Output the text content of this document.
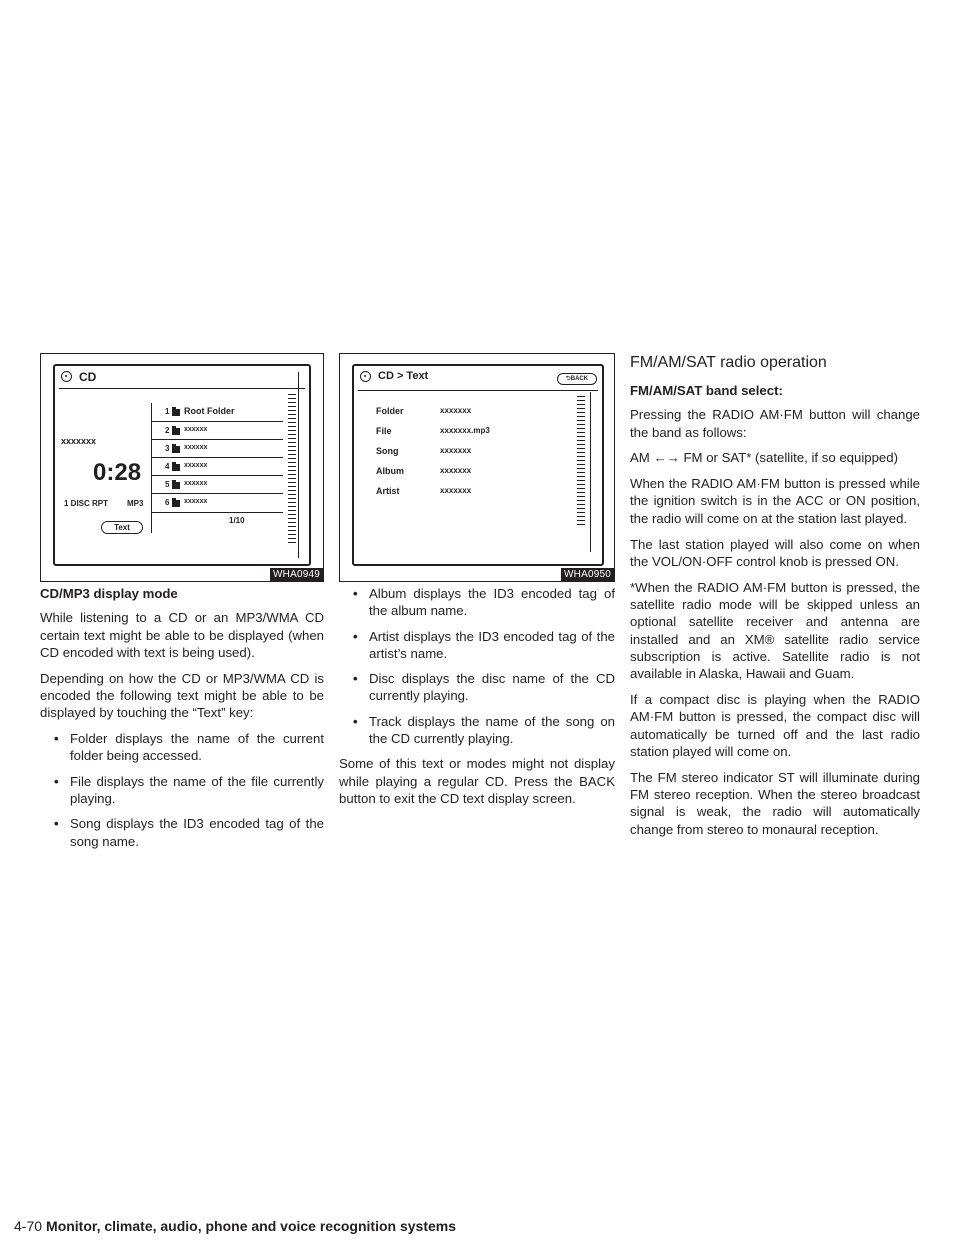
CD
xxxxxxx
0:28
1 DISC RPT MP3
Text
1 Root Folder
2 xxxxxx
3 xxxxxx
4 xxxxxx
5 xxxxxx
6 xxxxxx
1/10
WHA0949
CD > Text	⮌BACK
Folder	xxxxxxx
File	xxxxxxx.mp3
Song	xxxxxxx
Album	xxxxxxx
Artist	xxxxxxx
WHA0950

CD/MP3 display mode

While listening to a CD or an MP3/WMA CD certain text might be able to be displayed (when CD encoded with text is being used).

Depending on how the CD or MP3/WMA CD is encoded the following text might be able to be displayed by touching the “Text” key:

• Folder displays the name of the current folder being accessed.
• File displays the name of the file currently playing.
• Song displays the ID3 encoded tag of the song name.
• Album displays the ID3 encoded tag of the album name.
• Artist displays the ID3 encoded tag of the artist’s name.
• Disc displays the disc name of the CD currently playing.
• Track displays the name of the song on the CD currently playing.

Some of this text or modes might not display while playing a regular CD. Press the BACK button to exit the CD text display screen.

FM/AM/SAT radio operation

FM/AM/SAT band select:

Pressing the RADIO AM·FM button will change the band as follows:

AM ←→ FM or SAT* (satellite, if so equipped)

When the RADIO AM·FM button is pressed while the ignition switch is in the ACC or ON position, the radio will come on at the station last played.

The last station played will also come on when the VOL/ON·OFF control knob is pressed ON.

*When the RADIO AM·FM button is pressed, the satellite radio mode will be skipped unless an optional satellite receiver and antenna are installed and an XM® satellite radio service subscription is active. Satellite radio is not available in Alaska, Hawaii and Guam.

If a compact disc is playing when the RADIO AM·FM button is pressed, the compact disc will automatically be turned off and the last radio station played will come on.

The FM stereo indicator ST will illuminate during FM stereo reception. When the stereo broadcast signal is weak, the radio will automatically change from stereo to monaural reception.

4-70 Monitor, climate, audio, phone and voice recognition systems
